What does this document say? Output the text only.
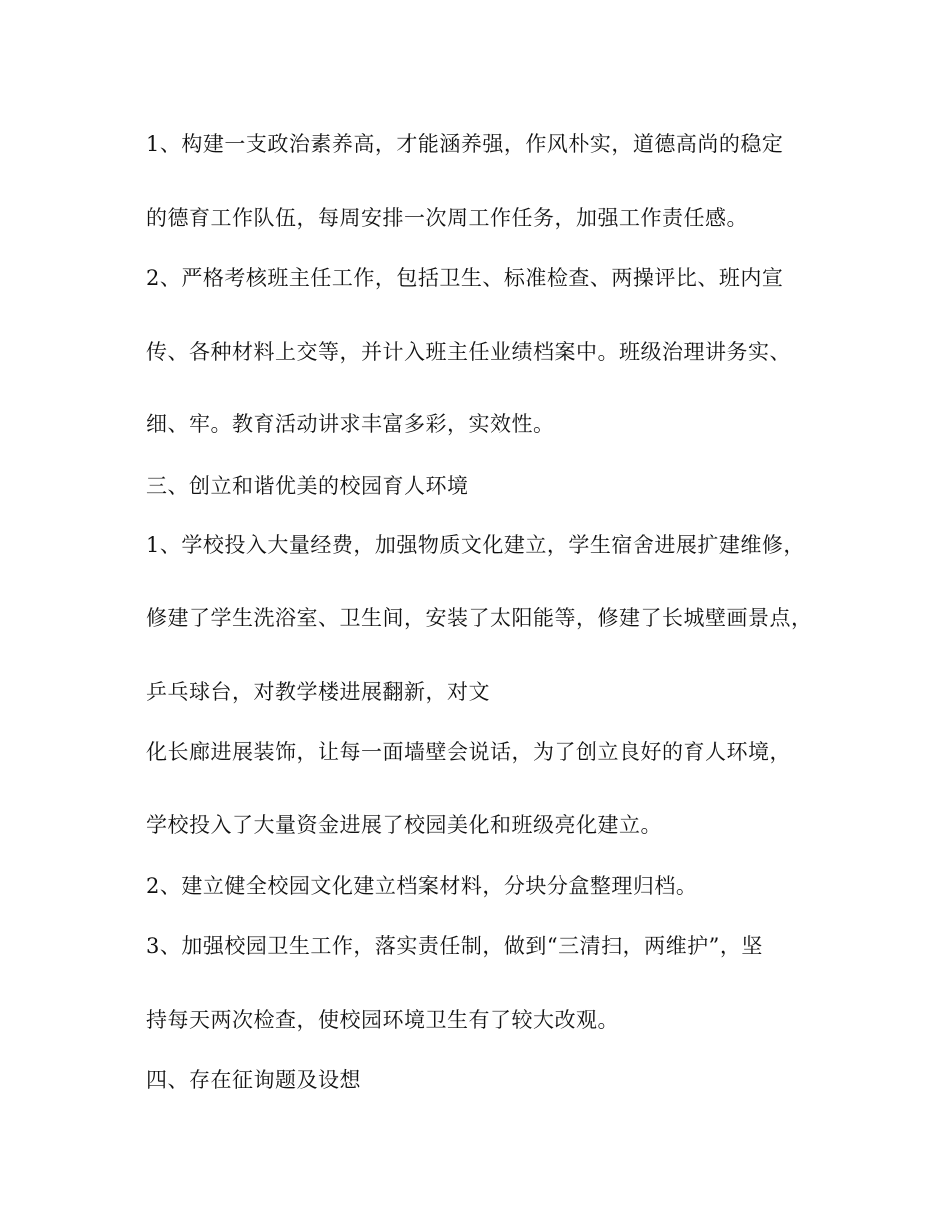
1、构建一支政治素养高，才能涵养强，作风朴实，道德高尚的稳定
的德育工作队伍，每周安排一次周工作任务，加强工作责任感。
2、严格考核班主任工作，包括卫生、标准检查、两操评比、班内宣
传、各种材料上交等，并计入班主任业绩档案中。班级治理讲务实、
细、牢。教育活动讲求丰富多彩，实效性。
三、创立和谐优美的校园育人环境
1、学校投入大量经费，加强物质文化建立，学生宿舍进展扩建维修，
修建了学生洗浴室、卫生间，安装了太阳能等，修建了长城壁画景点，
乒乓球台，对教学楼进展翻新，对文
化长廊进展装饰，让每一面墙壁会说话，为了创立良好的育人环境，
学校投入了大量资金进展了校园美化和班级亮化建立。
2、建立健全校园文化建立档案材料，分块分盒整理归档。
3、加强校园卫生工作，落实责任制，做到“三清扫，两维护”，坚
持每天两次检查，使校园环境卫生有了较大改观。
四、存在征询题及设想
